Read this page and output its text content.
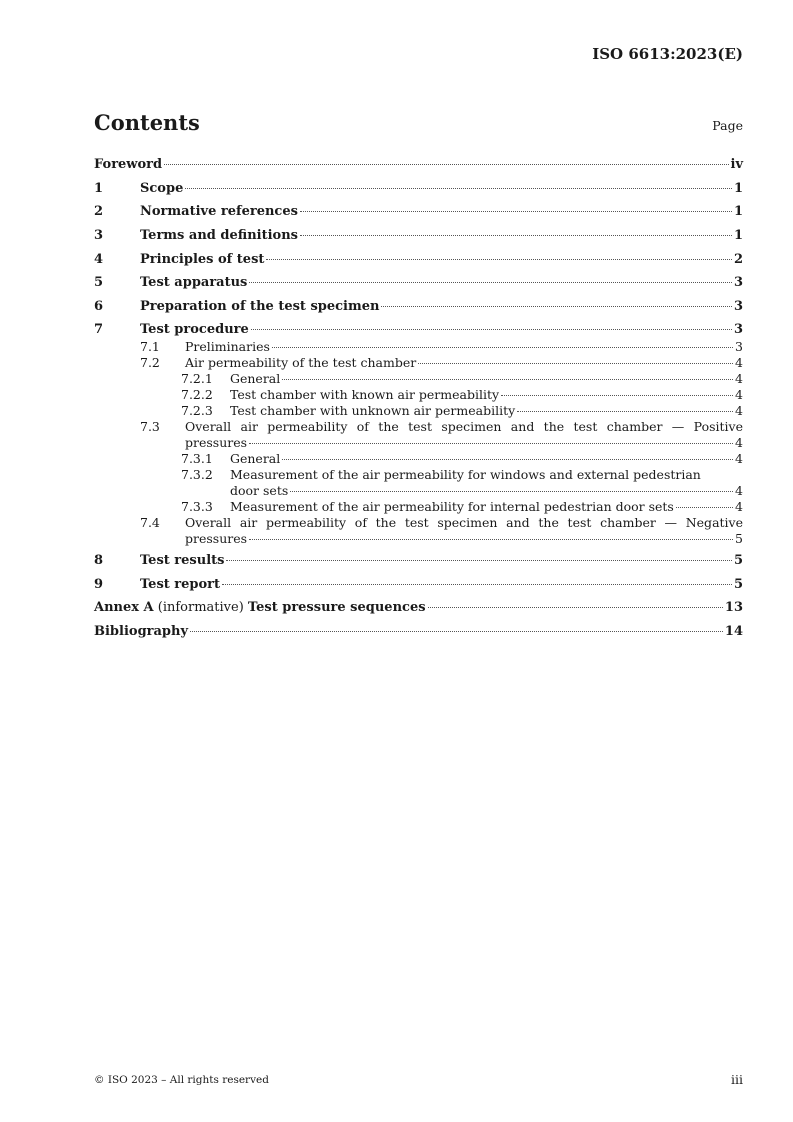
ISO 6613:2023(E)
Contents	Page
Foreword	iv
1	Scope	1
2	Normative references	1
3	Terms and definitions	1
4	Principles of test	2
5	Test apparatus	3
6	Preparation of the test specimen	3
7	Test procedure	3
7.1 Preliminaries	3
7.2 Air permeability of the test chamber	4
7.2.1 General	4
7.2.2 Test chamber with known air permeability	4
7.2.3 Test chamber with unknown air permeability	4
7.3 Overall air permeability of the test specimen and the test chamber — Positive
pressures	4
7.3.1 General	4
7.3.2 Measurement of the air permeability for windows and external pedestrian
door sets	4
7.3.3 Measurement of the air permeability for internal pedestrian door sets	4
7.4 Overall air permeability of the test specimen and the test chamber — Negative
pressures	5
8	Test results	5
9	Test report	5
Annex A (informative) Test pressure sequences	13
Bibliography	14
© ISO 2023 – All rights reserved	iii
